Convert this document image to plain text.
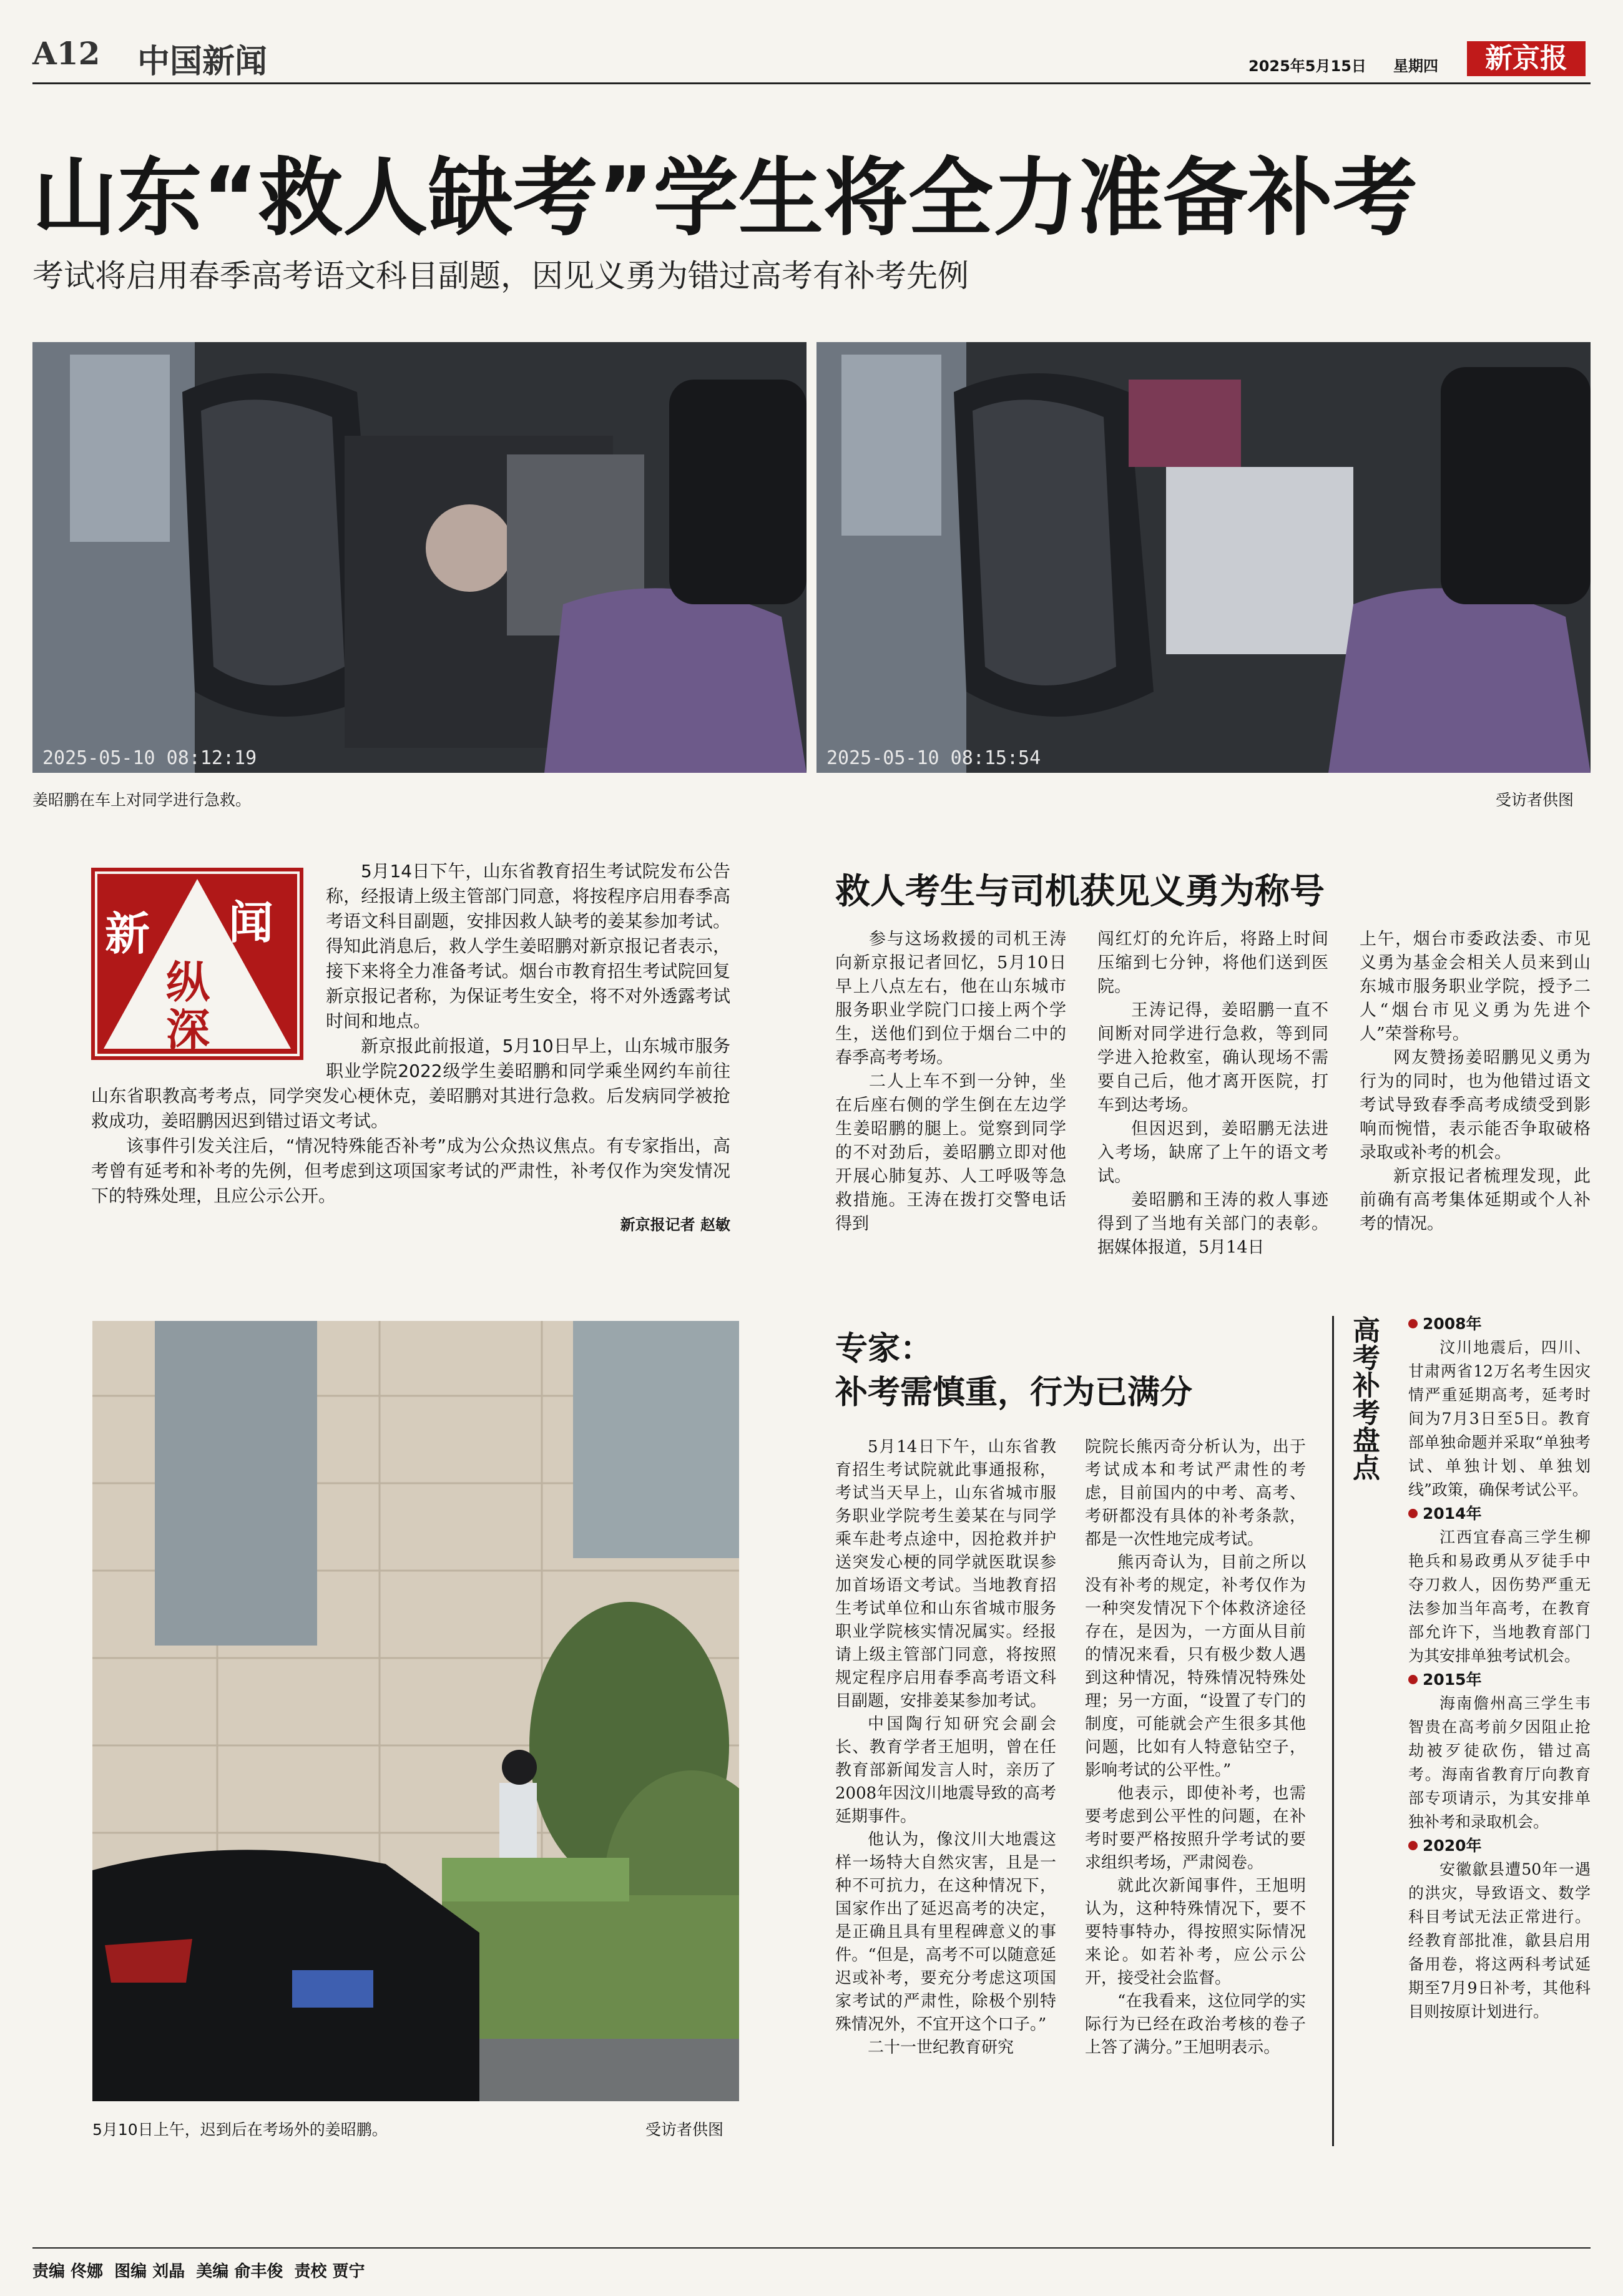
A12 中国新闻	2025年5月15日 星期四	新京报
山东“救人缺考”学生将全力准备补考
考试将启用春季高考语文科目副题，因见义勇为错过高考有补考先例
2025-05-10 08:12:19	2025-05-10 08:15:54
姜昭鹏在车上对同学进行急救。	受访者供图
新 闻
纵
深

5月14日下午，山东省教育招生考试院发布公告称，经报请上级主管部门同意，将按程序启用春季高考语文科目副题，安排因救人缺考的姜某参加考试。得知此消息后，救人学生姜昭鹏对新京报记者表示，接下来将全力准备考试。烟台市教育招生考试院回复新京报记者称，为保证考生安全，将不对外透露考试时间和地点。

新京报此前报道，5月10日早上，山东城市服务职业学院2022级学生姜昭鹏和同学乘坐网约车前往山东省职教高考考点，同学突发心梗休克，姜昭鹏对其进行急救。后发病同学被抢救成功，姜昭鹏因迟到错过语文考试。

该事件引发关注后，“情况特殊能否补考”成为公众热议焦点。有专家指出，高考曾有延考和补考的先例，但考虑到这项国家考试的严肃性，补考仅作为突发情况下的特殊处理，且应公示公开。

新京报记者 赵敏
救人考生与司机获见义勇为称号

参与这场救援的司机王涛向新京报记者回忆，5月10日早上八点左右，他在山东城市服务职业学院门口接上两个学生，送他们到位于烟台二中的春季高考考场。

二人上车不到一分钟，坐在后座右侧的学生倒在左边学生姜昭鹏的腿上。觉察到同学的不对劲后，姜昭鹏立即对他开展心肺复苏、人工呼吸等急救措施。王涛在拨打交警电话得到

闯红灯的允许后，将路上时间压缩到七分钟，将他们送到医院。

王涛记得，姜昭鹏一直不间断对同学进行急救，等到同学进入抢救室，确认现场不需要自己后，他才离开医院，打车到达考场。

但因迟到，姜昭鹏无法进入考场，缺席了上午的语文考试。

姜昭鹏和王涛的救人事迹得到了当地有关部门的表彰。据媒体报道，5月14日

上午，烟台市委政法委、市见义勇为基金会相关人员来到山东城市服务职业学院，授予二人“烟台市见义勇为先进个人”荣誉称号。

网友赞扬姜昭鹏见义勇为行为的同时，也为他错过语文考试导致春季高考成绩受到影响而惋惜，表示能否争取破格录取或补考的机会。

新京报记者梳理发现，此前确有高考集体延期或个人补考的情况。

5月10日上午，迟到后在考场外的姜昭鹏。	受访者供图
专家：
补考需慎重，行为已满分

5月14日下午，山东省教育招生考试院就此事通报称，考试当天早上，山东省城市服务职业学院考生姜某在与同学乘车赴考点途中，因抢救并护送突发心梗的同学就医耽误参加首场语文考试。当地教育招生考试单位和山东省城市服务职业学院核实情况属实。经报请上级主管部门同意，将按照规定程序启用春季高考语文科目副题，安排姜某参加考试。

中国陶行知研究会副会长、教育学者王旭明，曾在任教育部新闻发言人时，亲历了2008年因汶川地震导致的高考延期事件。

他认为，像汶川大地震这样一场特大自然灾害，且是一种不可抗力，在这种情况下，国家作出了延迟高考的决定，是正确且具有里程碑意义的事件。“但是，高考不可以随意延迟或补考，要充分考虑这项国家考试的严肃性，除极个别特殊情况外，不宜开这个口子。”

二十一世纪教育研究

院院长熊丙奇分析认为，出于考试成本和考试严肃性的考虑，目前国内的中考、高考、考研都没有具体的补考条款，都是一次性地完成考试。

熊丙奇认为，目前之所以没有补考的规定，补考仅作为一种突发情况下个体救济途径存在，是因为，一方面从目前的情况来看，只有极少数人遇到这种情况，特殊情况特殊处理；另一方面，“设置了专门的制度，可能就会产生很多其他问题，比如有人特意钻空子，影响考试的公平性。”

他表示，即使补考，也需要考虑到公平性的问题，在补考时要严格按照升学考试的要求组织考场，严肃阅卷。

就此次新闻事件，王旭明认为，这种特殊情况下，要不要特事特办，得按照实际情况来论。如若补考，应公示公开，接受社会监督。

“在我看来，这位同学的实际行为已经在政治考核的卷子上答了满分。”王旭明表示。

高考补考盘点	2008年

汶川地震后，四川、甘肃两省12万名考生因灾情严重延期高考，延考时间为7月3日至5日。教育部单独命题并采取“单独考试、单独计划、单独划线”政策，确保考试公平。

2014年

江西宜春高三学生柳艳兵和易政勇从歹徒手中夺刀救人，因伤势严重无法参加当年高考，在教育部允许下，当地教育部门为其安排单独考试机会。

2015年

海南儋州高三学生韦智贵在高考前夕因阻止抢劫被歹徒砍伤，错过高考。海南省教育厅向教育部专项请示，为其安排单独补考和录取机会。

2020年

安徽歙县遭50年一遇的洪灾，导致语文、数学科目考试无法正常进行。经教育部批准，歙县启用备用卷，将这两科考试延期至7月9日补考，其他科目则按原计划进行。

责编 佟娜  图编 刘晶  美编 俞丰俊  责校 贾宁
